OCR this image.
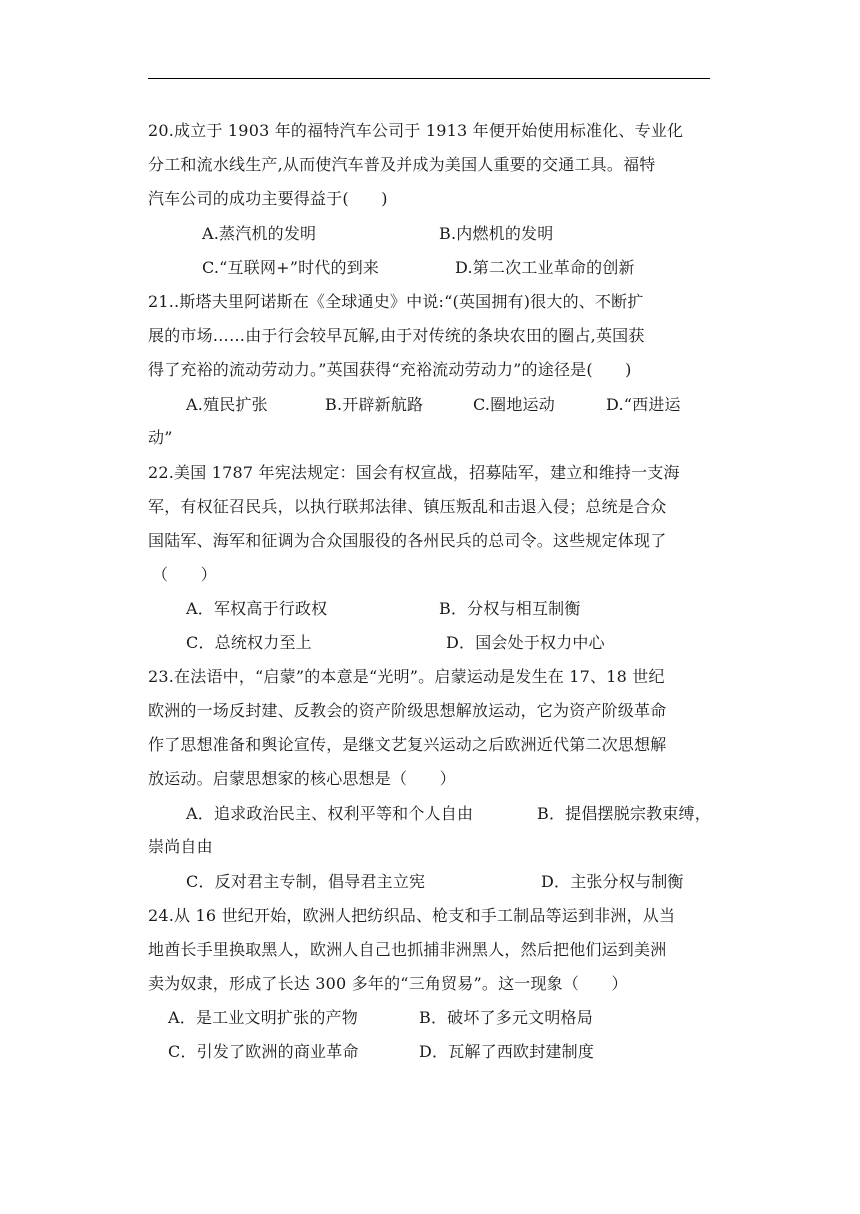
20.成立于 1903 年的福特汽车公司于 1913 年便开始使用标准化、专业化
分工和流水线生产,从而使汽车普及并成为美国人重要的交通工具。福特
汽车公司的成功主要得益于(　　)
A.蒸汽机的发明	B.内燃机的发明
C.“互联网+”时代的到来	D.第二次工业革命的创新
21..斯塔夫里阿诺斯在《全球通史》中说:“(英国拥有)很大的、不断扩
展的市场……由于行会较早瓦解,由于对传统的条块农田的圈占,英国获
得了充裕的流动劳动力。”英国获得“充裕流动劳动力”的途径是(　　)
A.殖民扩张	B.开辟新航路	C.圈地运动	D.“西进运
动”
22.美国 1787 年宪法规定：国会有权宣战，招募陆军，建立和维持一支海
军，有权征召民兵，以执行联邦法律、镇压叛乱和击退入侵；总统是合众
国陆军、海军和征调为合众国服役的各州民兵的总司令。这些规定体现了
（　　）
A．军权高于行政权	B．分权与相互制衡
C．总统权力至上	D．国会处于权力中心
23.在法语中，“启蒙”的本意是“光明”。启蒙运动是发生在 17、18 世纪
欧洲的一场反封建、反教会的资产阶级思想解放运动，它为资产阶级革命
作了思想准备和舆论宣传，是继文艺复兴运动之后欧洲近代第二次思想解
放运动。启蒙思想家的核心思想是（　　）
A．追求政治民主、权利平等和个人自由	B．提倡摆脱宗教束缚，
崇尚自由
C．反对君主专制，倡导君主立宪	D．主张分权与制衡
24.从 16 世纪开始，欧洲人把纺织品、枪支和手工制品等运到非洲，从当
地酋长手里换取黑人，欧洲人自己也抓捕非洲黑人，然后把他们运到美洲
卖为奴隶，形成了长达 300 多年的“三角贸易”。这一现象（　　）
A．是工业文明扩张的产物	B．破坏了多元文明格局
C．引发了欧洲的商业革命	D．瓦解了西欧封建制度
